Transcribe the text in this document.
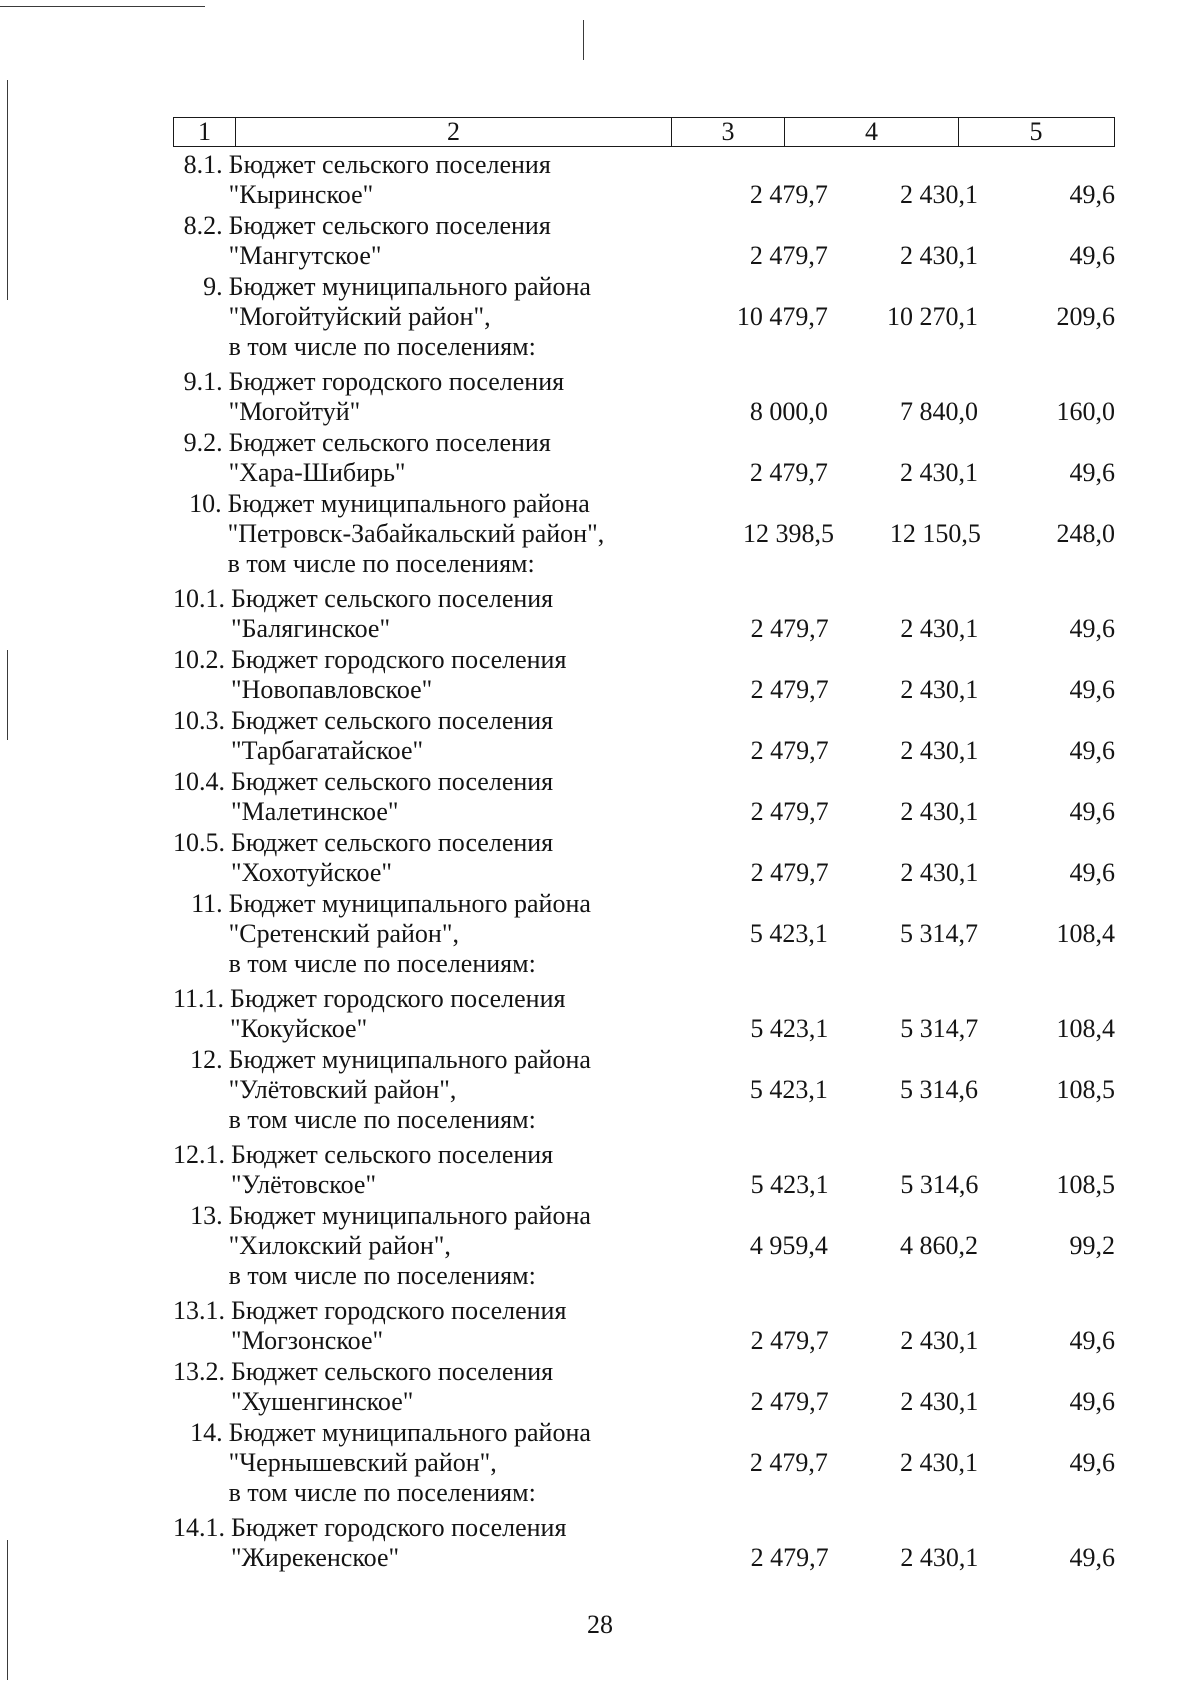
1	2	3	4	5
8.1. Бюджет сельского поселения
"Кыринское"	2 479,7	2 430,1	49,6
8.2. Бюджет сельского поселения
"Мангутское"	2 479,7	2 430,1	49,6
9. Бюджет муниципального района
"Могойтуйский район",
в том числе по поселениям:
10 479,7	10 270,1	209,6
9.1. Бюджет городского поселения
"Могойтуй"	8 000,0	7 840,0	160,0
9.2. Бюджет сельского поселения
"Хара-Шибирь"	2 479,7	2 430,1	49,6
10. Бюджет муниципального района
"Петровск-Забайкальский район",
в том числе по поселениям:
12 398,5	12 150,5	248,0
10.1. Бюджет сельского поселения
"Балягинское"	2 479,7	2 430,1	49,6
10.2. Бюджет городского поселения
"Новопавловское"	2 479,7	2 430,1	49,6
10.3. Бюджет сельского поселения
"Тарбагатайское"	2 479,7	2 430,1	49,6
10.4. Бюджет сельского поселения
"Малетинское"	2 479,7	2 430,1	49,6
10.5. Бюджет сельского поселения
"Хохотуйское"	2 479,7	2 430,1	49,6
11. Бюджет муниципального района
"Сретенский район",
в том числе по поселениям:
5 423,1	5 314,7	108,4
11.1. Бюджет городского поселения
"Кокуйское"	5 423,1	5 314,7	108,4
12. Бюджет муниципального района
"Улётовский район",
в том числе по поселениям:
5 423,1	5 314,6	108,5
12.1. Бюджет сельского поселения
"Улётовское"	5 423,1	5 314,6	108,5
13. Бюджет муниципального района
"Хилокский район",
в том числе по поселениям:
4 959,4	4 860,2	99,2
13.1. Бюджет городского поселения
"Могзонское"	2 479,7	2 430,1	49,6
13.2. Бюджет сельского поселения
"Хушенгинское"	2 479,7	2 430,1	49,6
14. Бюджет муниципального района
"Чернышевский район",
в том числе по поселениям:
2 479,7	2 430,1	49,6
14.1. Бюджет городского поселения
"Жирекенское"	2 479,7	2 430,1	49,6
28
